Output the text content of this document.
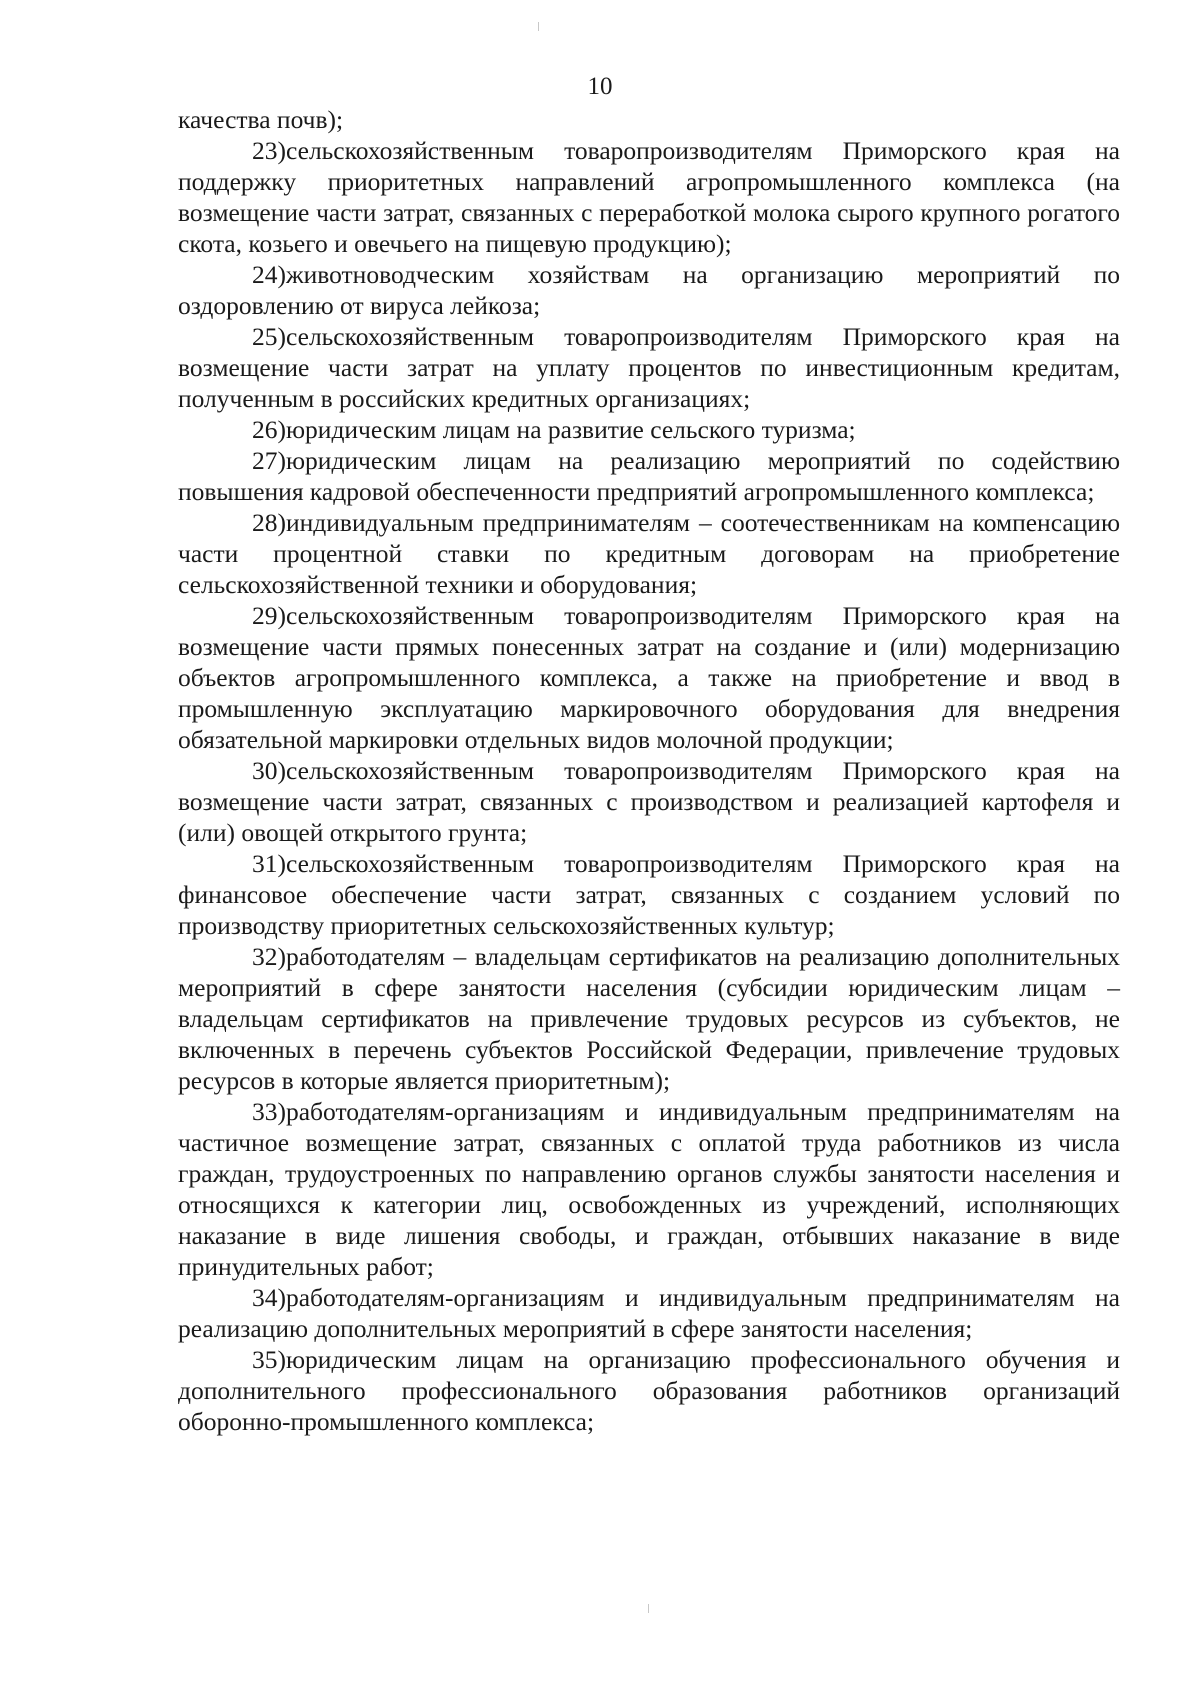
10

качества почв);

23)сельскохозяйственным товаропроизводителям Приморского края на поддержку приоритетных направлений агропромышленного комплекса (на возмещение части затрат, связанных с переработкой молока сырого крупного рогатого скота, козьего и овечьего на пищевую продукцию);

24)животноводческим хозяйствам на организацию мероприятий по оздоровлению от вируса лейкоза;

25)сельскохозяйственным товаропроизводителям Приморского края на возмещение части затрат на уплату процентов по инвестиционным кредитам, полученным в российских кредитных организациях;

26)юридическим лицам на развитие сельского туризма;

27)юридическим лицам на реализацию мероприятий по содействию повышения кадровой обеспеченности предприятий агропромышленного комплекса;

28)индивидуальным предпринимателям – соотечественникам на компенсацию части процентной ставки по кредитным договорам на приобретение сельскохозяйственной техники и оборудования;

29)сельскохозяйственным товаропроизводителям Приморского края на возмещение части прямых понесенных затрат на создание и (или) модернизацию объектов агропромышленного комплекса, а также на приобретение и ввод в промышленную эксплуатацию маркировочного оборудования для внедрения обязательной маркировки отдельных видов молочной продукции;

30)сельскохозяйственным товаропроизводителям Приморского края на возмещение части затрат, связанных с производством и реализацией картофеля и (или) овощей открытого грунта;

31)сельскохозяйственным товаропроизводителям Приморского края на финансовое обеспечение части затрат, связанных с созданием условий по производству приоритетных сельскохозяйственных культур;

32)работодателям – владельцам сертификатов на реализацию дополнительных мероприятий в сфере занятости населения (субсидии юридическим лицам – владельцам сертификатов на привлечение трудовых ресурсов из субъектов, не включенных в перечень субъектов Российской Федерации, привлечение трудовых ресурсов в которые является приоритетным);

33)работодателям-организациям и индивидуальным предпринимателям на частичное возмещение затрат, связанных с оплатой труда работников из числа граждан, трудоустроенных по направлению органов службы занятости населения и относящихся к категории лиц, освобожденных из учреждений, исполняющих наказание в виде лишения свободы, и граждан, отбывших наказание в виде принудительных работ;

34)работодателям-организациям и индивидуальным предпринимателям на реализацию дополнительных мероприятий в сфере занятости населения;

35)юридическим лицам на организацию профессионального обучения и дополнительного профессионального образования работников организаций оборонно-промышленного комплекса;
